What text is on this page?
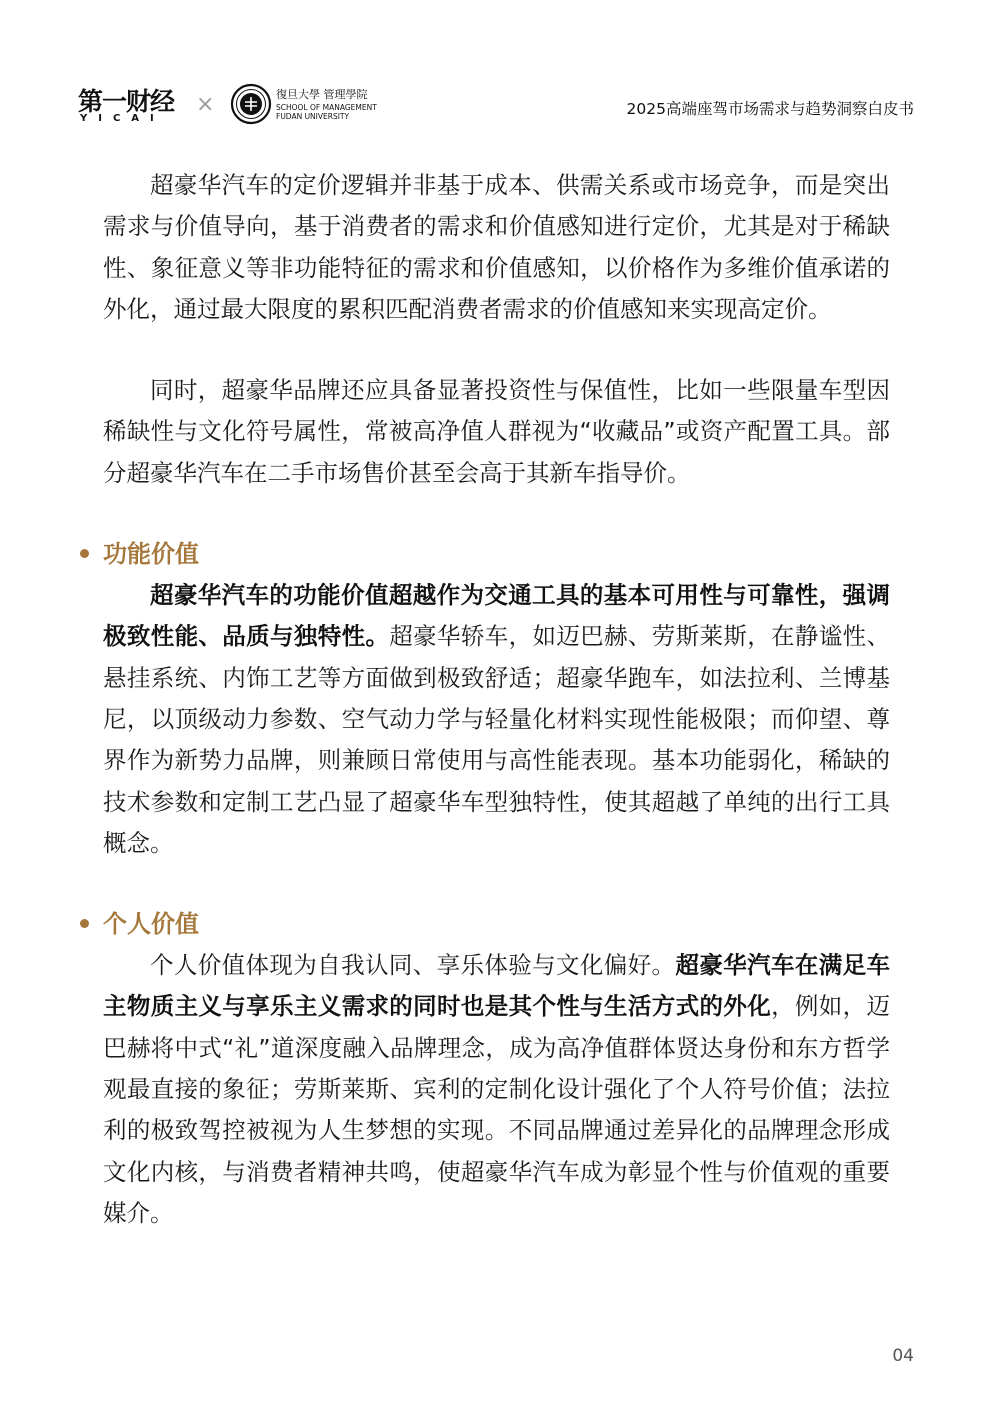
第一财经
YICAI
×	復旦大學 管理學院
SCHOOL OF MANAGEMENT
FUDAN UNIVERSITY	2025高端座驾市场需求与趋势洞察白皮书

超豪华汽车的定价逻辑并非基于成本、供需关系或市场竞争，而是突出需求与价值导向，基于消费者的需求和价值感知进行定价，尤其是对于稀缺性、象征意义等非功能特征的需求和价值感知，以价格作为多维价值承诺的外化，通过最大限度的累积匹配消费者需求的价值感知来实现高定价。

同时，超豪华品牌还应具备显著投资性与保值性，比如一些限量车型因稀缺性与文化符号属性，常被高净值人群视为“收藏品”或资产配置工具。部分超豪华汽车在二手市场售价甚至会高于其新车指导价。

功能价值

超豪华汽车的功能价值超越作为交通工具的基本可用性与可靠性，强调极致性能、品质与独特性。超豪华轿车，如迈巴赫、劳斯莱斯，在静谧性、悬挂系统、内饰工艺等方面做到极致舒适；超豪华跑车，如法拉利、兰博基尼，以顶级动力参数、空气动力学与轻量化材料实现性能极限；而仰望、尊界作为新势力品牌，则兼顾日常使用与高性能表现。基本功能弱化，稀缺的技术参数和定制工艺凸显了超豪华车型独特性，使其超越了单纯的出行工具概念。

个人价值

个人价值体现为自我认同、享乐体验与文化偏好。超豪华汽车在满足车主物质主义与享乐主义需求的同时也是其个性与生活方式的外化，例如，迈巴赫将中式“礼”道深度融入品牌理念，成为高净值群体贤达身份和东方哲学观最直接的象征；劳斯莱斯、宾利的定制化设计强化了个人符号价值；法拉利的极致驾控被视为人生梦想的实现。不同品牌通过差异化的品牌理念形成文化内核，与消费者精神共鸣，使超豪华汽车成为彰显个性与价值观的重要媒介。

04
